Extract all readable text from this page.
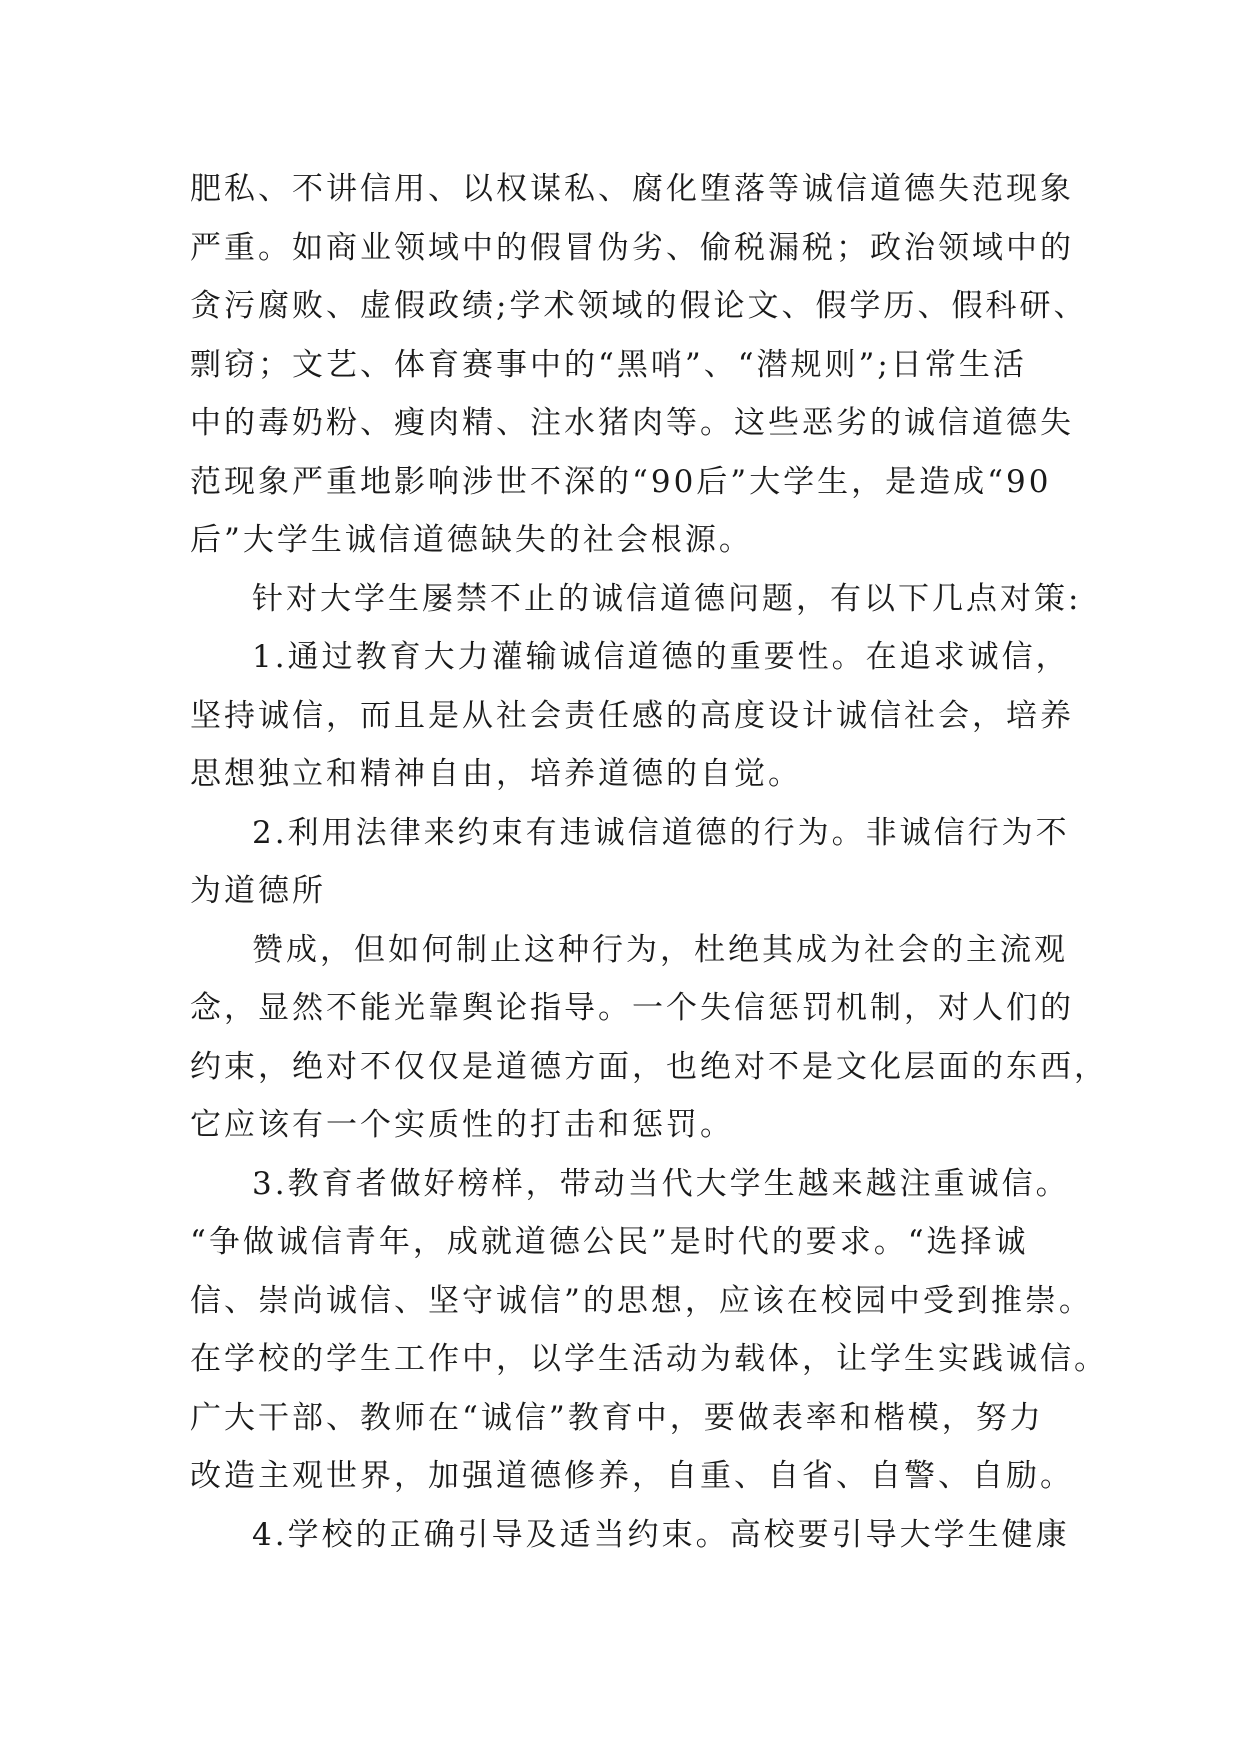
肥私、不讲信用、以权谋私、腐化堕落等诚信道德失范现象
严重。如商业领域中的假冒伪劣、偷税漏税；政治领域中的
贪污腐败、虚假政绩;学术领域的假论文、假学历、假科研、
剽窃；文艺、体育赛事中的“黑哨”、“潜规则”;日常生活
中的毒奶粉、瘦肉精、注水猪肉等。这些恶劣的诚信道德失
范现象严重地影响涉世不深的“90后”大学生，是造成“90
后”大学生诚信道德缺失的社会根源。
针对大学生屡禁不止的诚信道德问题，有以下几点对策:
1.通过教育大力灌输诚信道德的重要性。在追求诚信，
坚持诚信，而且是从社会责任感的高度设计诚信社会，培养
思想独立和精神自由，培养道德的自觉。
2.利用法律来约束有违诚信道德的行为。非诚信行为不
为道德所
赞成，但如何制止这种行为，杜绝其成为社会的主流观
念，显然不能光靠舆论指导。一个失信惩罚机制，对人们的
约束，绝对不仅仅是道德方面，也绝对不是文化层面的东西，
它应该有一个实质性的打击和惩罚。
3.教育者做好榜样，带动当代大学生越来越注重诚信。
“争做诚信青年，成就道德公民”是时代的要求。“选择诚
信、崇尚诚信、坚守诚信”的思想，应该在校园中受到推崇。
在学校的学生工作中，以学生活动为载体，让学生实践诚信。
广大干部、教师在“诚信”教育中，要做表率和楷模，努力
改造主观世界，加强道德修养，自重、自省、自警、自励。
4.学校的正确引导及适当约束。高校要引导大学生健康
